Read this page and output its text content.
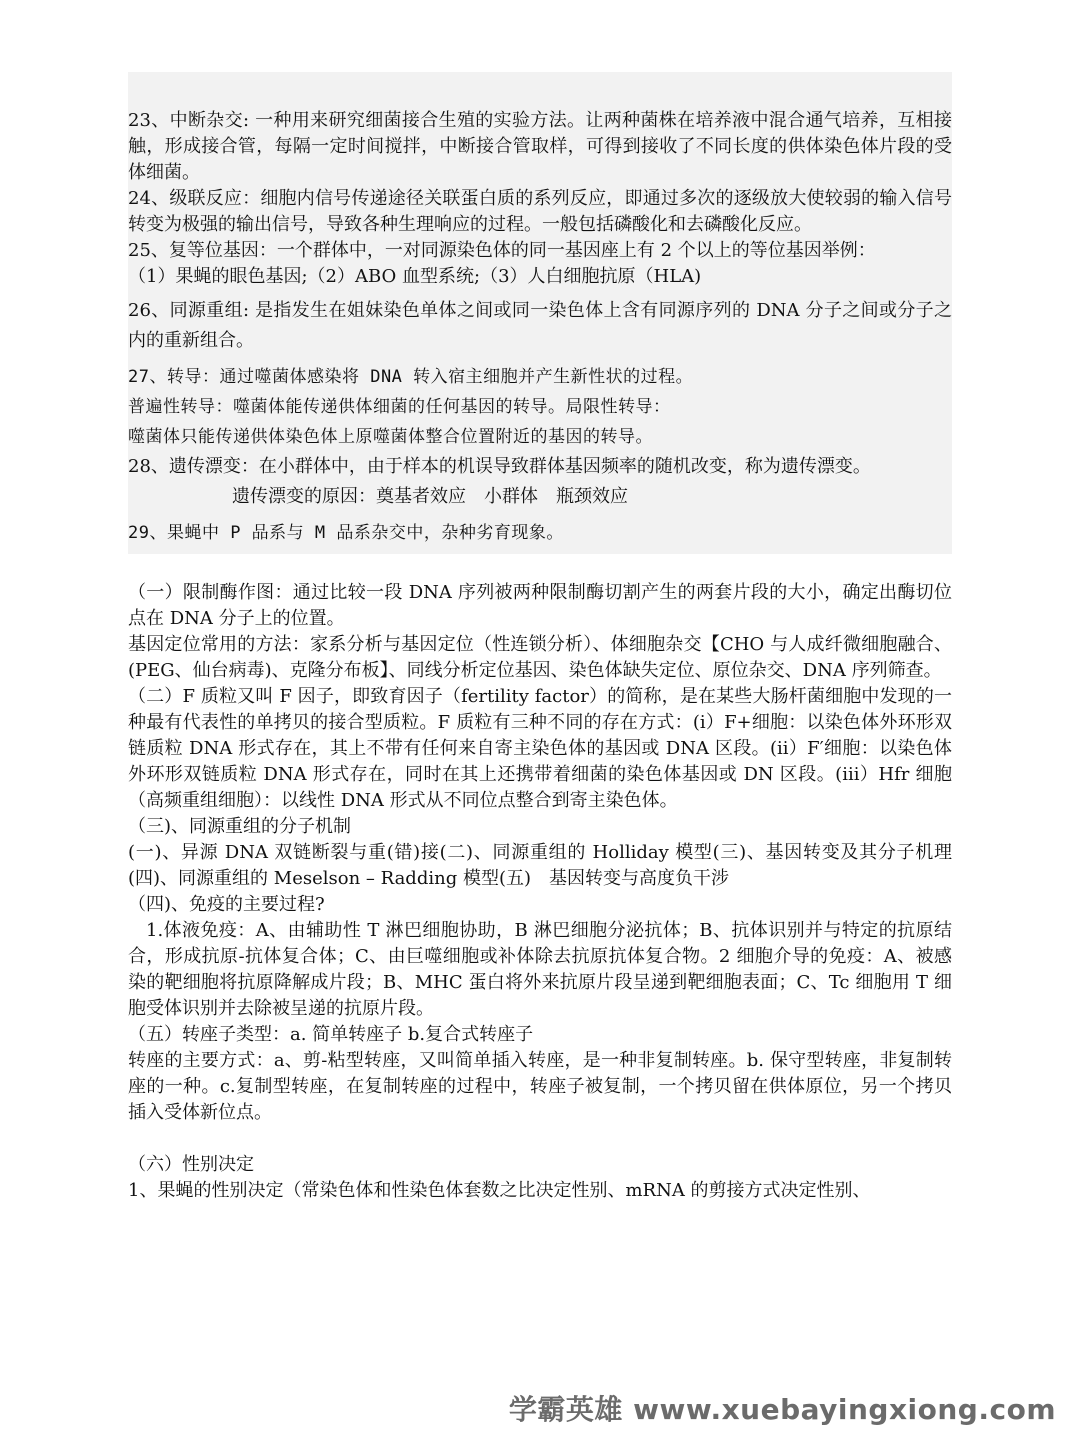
23、中断杂交: 一种用来研究细菌接合生殖的实验方法。让两种菌株在培养液中混合通气培养，互相接触，形成接合管，每隔一定时间搅拌，中断接合管取样，可得到接收了不同长度的供体染色体片段的受体细菌。

24、级联反应：细胞内信号传递途径关联蛋白质的系列反应，即通过多次的逐级放大使较弱的输入信号转变为极强的输出信号，导致各种生理响应的过程。一般包括磷酸化和去磷酸化反应。

25、复等位基因：一个群体中，一对同源染色体的同一基因座上有 2 个以上的等位基因举例：

（1）果蝇的眼色基因;（2）ABO 血型系统;（3）人白细胞抗原（HLA)

26、同源重组: 是指发生在姐妹染色单体之间或同一染色体上含有同源序列的 DNA 分子之间或分子之内的重新组合。

27、转导：通过噬菌体感染将 DNA 转入宿主细胞并产生新性状的过程。

普遍性转导：噬菌体能传递供体细菌的任何基因的转导。局限性转导：

噬菌体只能传递供体染色体上原噬菌体整合位置附近的基因的转导。

28、遗传漂变：在小群体中，由于样本的机误导致群体基因频率的随机改变，称为遗传漂变。

遗传漂变的原因：奠基者效应　小群体　瓶颈效应

29、果蝇中 P 品系与 M 品系杂交中，杂种劣育现象。

（一）限制酶作图：通过比较一段 DNA 序列被两种限制酶切割产生的两套片段的大小，确定出酶切位点在 DNA 分子上的位置。

基因定位常用的方法：家系分析与基因定位（性连锁分析）、体细胞杂交【CHO 与人成纤微细胞融合、(PEG、仙台病毒)、克隆分布板】、同线分析定位基因、染色体缺失定位、原位杂交、DNA 序列筛查。

（二）F 质粒又叫 F 因子，即致育因子（fertility factor）的简称，是在某些大肠杆菌细胞中发现的一种最有代表性的单拷贝的接合型质粒。F 质粒有三种不同的存在方式：(i）F+细胞：以染色体外环形双链质粒 DNA 形式存在，其上不带有任何来自寄主染色体的基因或 DNA 区段。(ii）F′细胞：以染色体外环形双链质粒 DNA 形式存在，同时在其上还携带着细菌的染色体基因或 DN 区段。(iii）Hfr 细胞（高频重组细胞）：以线性 DNA 形式从不同位点整合到寄主染色体。

（三)、同源重组的分子机制

(一)、异源 DNA 双链断裂与重(错)接(二)、同源重组的 Holliday 模型(三)、基因转变及其分子机理(四)、同源重组的 Meselson – Radding 模型(五)　基因转变与高度负干涉

（四)、免疫的主要过程?

1.体液免疫：A、由辅助性 T 淋巴细胞协助，B 淋巴细胞分泌抗体；B、抗体识别并与特定的抗原结合，形成抗原-抗体复合体；C、由巨噬细胞或补体除去抗原抗体复合物。2 细胞介导的免疫：A、被感染的靶细胞将抗原降解成片段；B、MHC 蛋白将外来抗原片段呈递到靶细胞表面；C、Tc 细胞用 T 细胞受体识别并去除被呈递的抗原片段。

（五）转座子类型：a. 简单转座子 b.复合式转座子

转座的主要方式：a、剪-粘型转座，又叫简单插入转座，是一种非复制转座。b. 保守型转座，非复制转座的一种。c.复制型转座，在复制转座的过程中，转座子被复制，一个拷贝留在供体原位，另一个拷贝插入受体新位点。

（六）性别决定

1、果蝇的性别决定（常染色体和性染色体套数之比决定性别、mRNA 的剪接方式决定性别、

学霸英雄 www.xuebayingxiong.com
